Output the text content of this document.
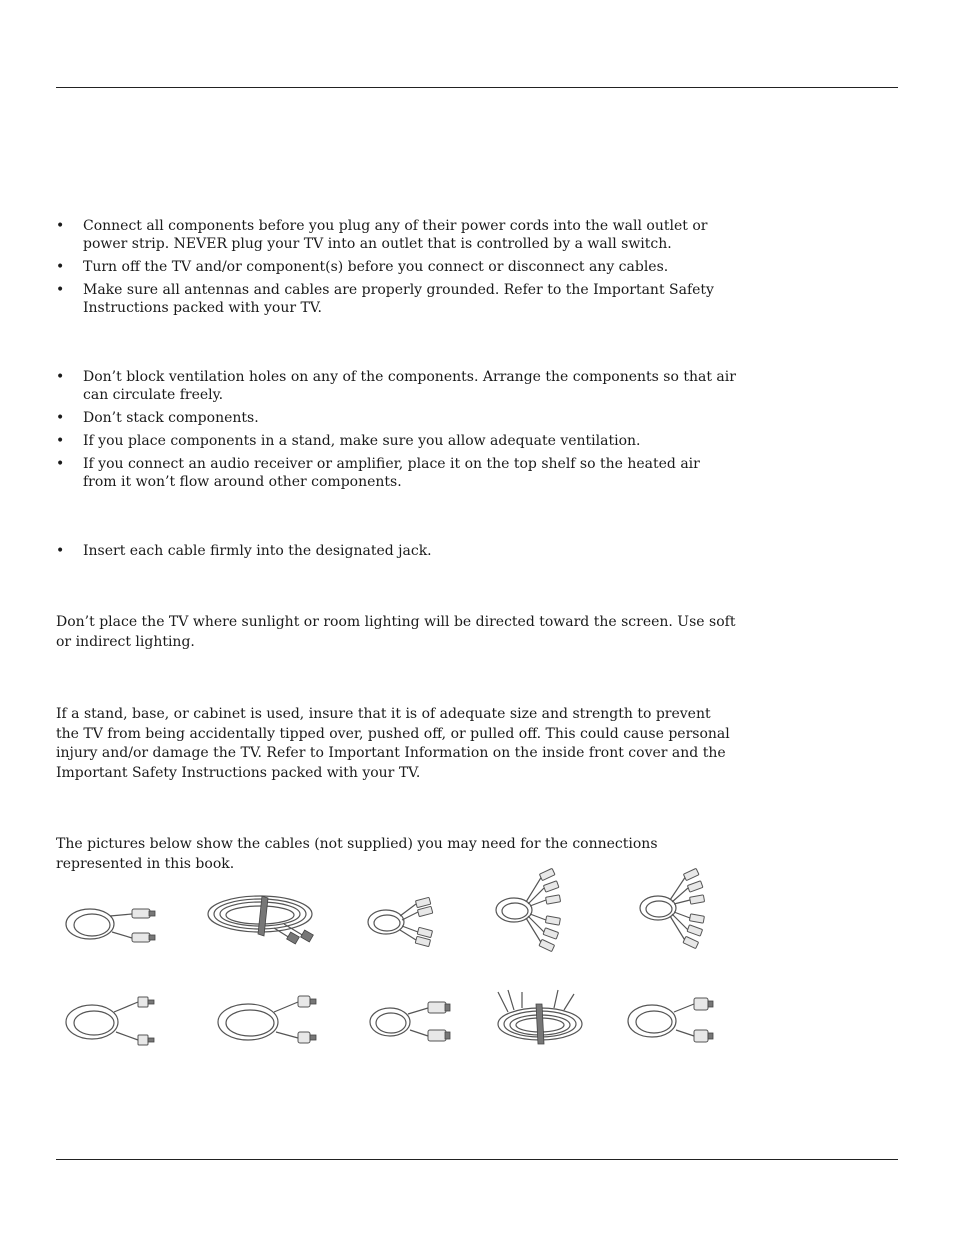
• Connect all components before you plug any of their power cords into the wall outlet or power strip. NEVER plug your TV into an outlet that is controlled by a wall switch.
• Turn off the TV and/or component(s) before you connect or disconnect any cables.
• Make sure all antennas and cables are properly grounded. Refer to the Important Safety Instructions packed with your TV.
• Don’t block ventilation holes on any of the components. Arrange the components so that air can circulate freely.
• Don’t stack components.
• If you place components in a stand, make sure you allow adequate ventilation.
• If you connect an audio receiver or amplifier, place it on the top shelf so the heated air from it won’t flow around other components.
• Insert each cable firmly into the designated jack.

Don’t place the TV where sunlight or room lighting will be directed toward the screen. Use soft or indirect lighting.

If a stand, base, or cabinet is used, insure that it is of adequate size and strength to prevent the TV from being accidentally tipped over, pushed off, or pulled off. This could cause personal injury and/or damage the TV. Refer to Important Information on the inside front cover and the Important Safety Instructions packed with your TV.

The pictures below show the cables (not supplied) you may need for the connections represented in this book.
